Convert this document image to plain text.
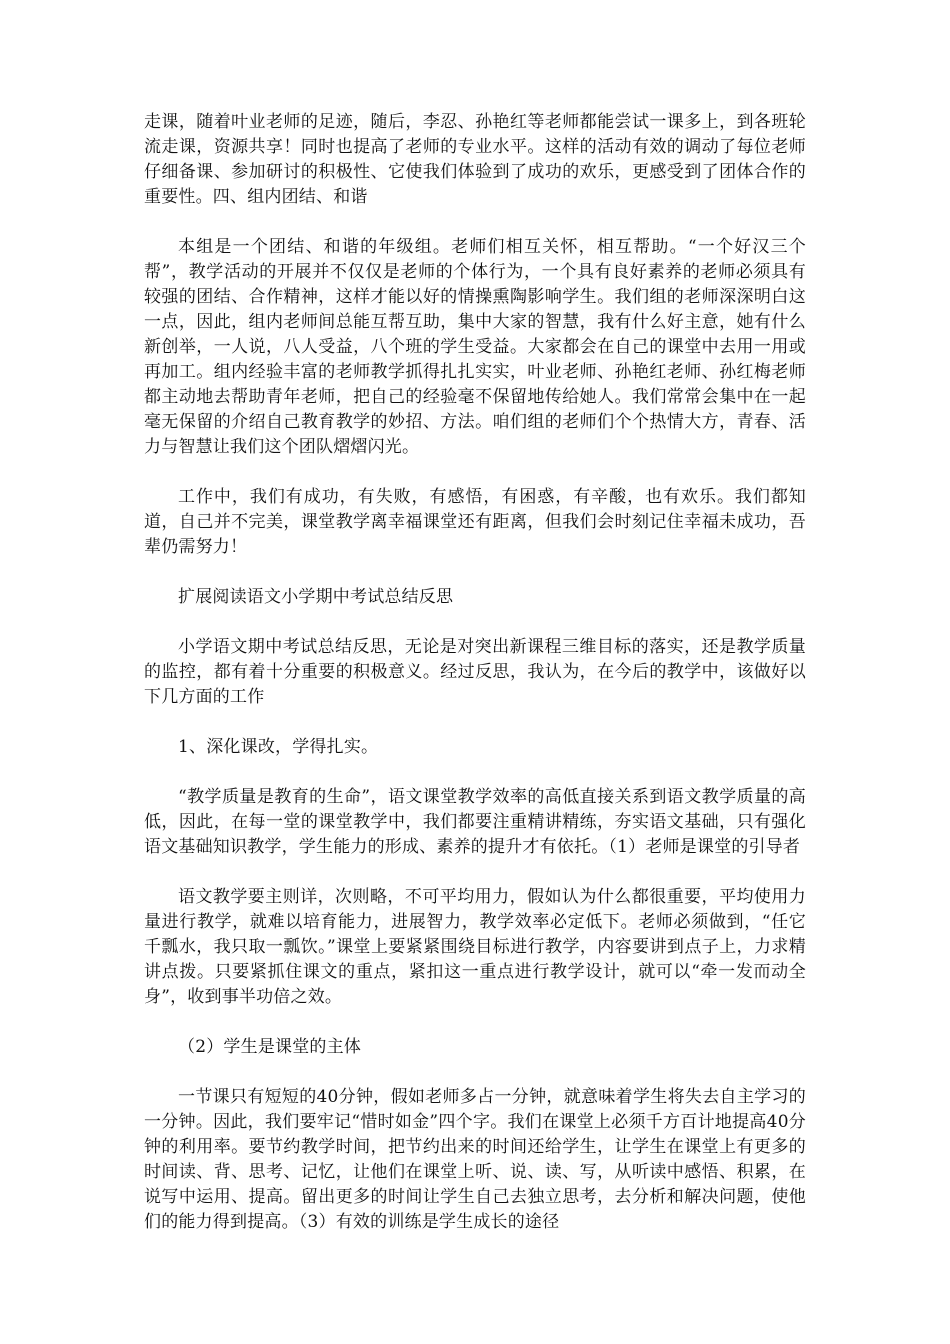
走课，随着叶业老师的足迹，随后，李忍、孙艳红等老师都能尝试一课多上，到各班轮流走课，资源共享！同时也提高了老师的专业水平。这样的活动有效的调动了每位老师仔细备课、参加研讨的积极性、它使我们体验到了成功的欢乐，更感受到了团体合作的重要性。四、组内团结、和谐

本组是一个团结、和谐的年级组。老师们相互关怀，相互帮助。“一个好汉三个帮”，教学活动的开展并不仅仅是老师的个体行为，一个具有良好素养的老师必须具有较强的团结、合作精神，这样才能以好的情操熏陶影响学生。我们组的老师深深明白这一点，因此，组内老师间总能互帮互助，集中大家的智慧，我有什么好主意，她有什么新创举，一人说，八人受益，八个班的学生受益。大家都会在自己的课堂中去用一用或再加工。组内经验丰富的老师教学抓得扎扎实实，叶业老师、孙艳红老师、孙红梅老师都主动地去帮助青年老师，把自己的经验毫不保留地传给她人。我们常常会集中在一起毫无保留的介绍自己教育教学的妙招、方法。咱们组的老师们个个热情大方，青春、活力与智慧让我们这个团队熠熠闪光。

工作中，我们有成功，有失败，有感悟，有困惑，有辛酸，也有欢乐。我们都知道，自己并不完美，课堂教学离幸福课堂还有距离，但我们会时刻记住幸福未成功，吾辈仍需努力！

扩展阅读语文小学期中考试总结反思

小学语文期中考试总结反思，无论是对突出新课程三维目标的落实，还是教学质量的监控，都有着十分重要的积极意义。经过反思，我认为，在今后的教学中，该做好以下几方面的工作

1、深化课改，学得扎实。

“教学质量是教育的生命”，语文课堂教学效率的高低直接关系到语文教学质量的高低，因此，在每一堂的课堂教学中，我们都要注重精讲精练，夯实语文基础，只有强化语文基础知识教学，学生能力的形成、素养的提升才有依托。（1）老师是课堂的引导者

语文教学要主则详，次则略，不可平均用力，假如认为什么都很重要，平均使用力量进行教学，就难以培育能力，进展智力，教学效率必定低下。老师必须做到，“任它千瓢水，我只取一瓢饮。”课堂上要紧紧围绕目标进行教学，内容要讲到点子上，力求精讲点拨。只要紧抓住课文的重点，紧扣这一重点进行教学设计，就可以“牵一发而动全身”，收到事半功倍之效。

（2）学生是课堂的主体

一节课只有短短的40分钟，假如老师多占一分钟，就意味着学生将失去自主学习的一分钟。因此，我们要牢记“惜时如金”四个字。我们在课堂上必须千方百计地提高40分钟的利用率。要节约教学时间，把节约出来的时间还给学生，让学生在课堂上有更多的时间读、背、思考、记忆，让他们在课堂上听、说、读、写，从听读中感悟、积累，在说写中运用、提高。留出更多的时间让学生自己去独立思考，去分析和解决问题，使他们的能力得到提高。（3）有效的训练是学生成长的途径
